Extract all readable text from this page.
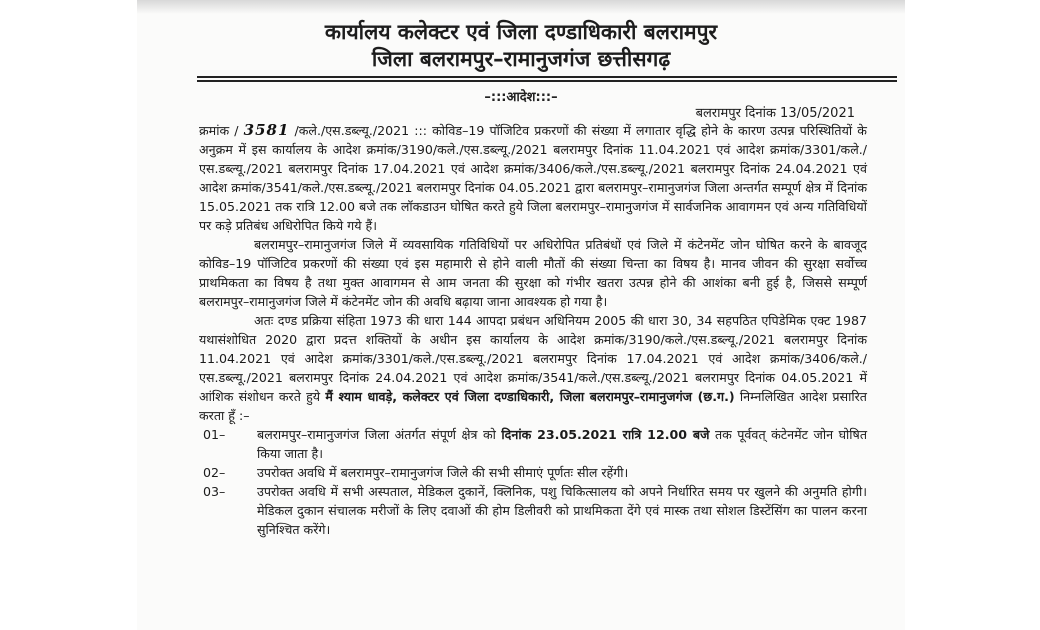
कार्यालय कलेक्टर एवं जिला दण्डाधिकारी बलरामपुर
जिला बलरामपुर–रामानुजगंज छत्तीसगढ़
–:::आदेश:::–
बलरामपुर दिनांक 13/05/2021

क्रमांक / 3581 /कले./एस.डब्ल्यू./2021 ::: कोविड–19 पॉजिटिव प्रकरणों की संख्या में लगातार वृद्धि होने के कारण उत्पन्न परिस्थितियों के अनुक्रम में इस कार्यालय के आदेश क्रमांक/3190/कले./एस.डब्ल्यू./2021 बलरामपुर दिनांक 11.04.2021 एवं आदेश क्रमांक/3301/कले./एस.डब्ल्यू./2021 बलरामपुर दिनांक 17.04.2021 एवं आदेश क्रमांक/3406/कले./एस.डब्ल्यू./2021 बलरामपुर दिनांक 24.04.2021 एवं आदेश क्रमांक/3541/कले./एस.डब्ल्यू./2021 बलरामपुर दिनांक 04.05.2021 द्वारा बलरामपुर–रामानुजगंज जिला अन्तर्गत सम्पूर्ण क्षेत्र में दिनांक 15.05.2021 तक रात्रि 12.00 बजे तक लॉकडाउन घोषित करते हुये जिला बलरामपुर–रामानुजगंज में सार्वजनिक आवागमन एवं अन्य गतिविधियों पर कड़े प्रतिबंध अधिरोपित किये गये हैं।

बलरामपुर–रामानुजगंज जिले में व्यवसायिक गतिविधियों पर अधिरोपित प्रतिबंधों एवं जिले में कंटेनमेंट जोन घोषित करने के बावजूद कोविड–19 पॉजिटिव प्रकरणों की संख्या एवं इस महामारी से होने वाली मौतों की संख्या चिन्ता का विषय है। मानव जीवन की सुरक्षा सर्वोच्च प्राथमिकता का विषय है तथा मुक्त आवागमन से आम जनता की सुरक्षा को गंभीर खतरा उत्पन्न होने की आशंका बनी हुई है, जिससे सम्पूर्ण बलरामपुर–रामानुजगंज जिले में कंटेनमेंट जोन की अवधि बढ़ाया जाना आवश्यक हो गया है।

अतः दण्ड प्रक्रिया संहिता 1973 की धारा 144 आपदा प्रबंधन अधिनियम 2005 की धारा 30, 34 सहपठित एपिडेमिक एक्ट 1987 यथासंशोधित 2020 द्वारा प्रदत्त शक्तियों के अधीन इस कार्यालय के आदेश क्रमांक/3190/कले./एस.डब्ल्यू./2021 बलरामपुर दिनांक 11.04.2021 एवं आदेश क्रमांक/3301/कले./एस.डब्ल्यू./2021 बलरामपुर दिनांक 17.04.2021 एवं आदेश क्रमांक/3406/कले./एस.डब्ल्यू./2021 बलरामपुर दिनांक 24.04.2021 एवं आदेश क्रमांक/3541/कले./एस.डब्ल्यू./2021 बलरामपुर दिनांक 04.05.2021 में आंशिक संशोधन करते हुये मैं श्याम धावड़े, कलेक्टर एवं जिला दण्डाधिकारी, जिला बलरामपुर–रामानुजगंज (छ.ग.) निम्नलिखित आदेश प्रसारित करता हूँ :–

01–	बलरामपुर–रामानुजगंज जिला अंतर्गत संपूर्ण क्षेत्र को दिनांक 23.05.2021 रात्रि 12.00 बजे तक पूर्ववत् कंटेनमेंट जोन घोषित किया जाता है।
02–	उपरोक्त अवधि में बलरामपुर–रामानुजगंज जिले की सभी सीमाएं पूर्णतः सील रहेंगी।
03–	उपरोक्त अवधि में सभी अस्पताल, मेडिकल दुकानें, क्लिनिक, पशु चिकित्सालय को अपने निर्धारित समय पर खुलने की अनुमति होगी। मेडिकल दुकान संचालक मरीजों के लिए दवाओं की होम डिलीवरी को प्राथमिकता देंगे एवं मास्क तथा सोशल डिस्टेंसिंग का पालन करना सुनिश्चित करेंगे।
